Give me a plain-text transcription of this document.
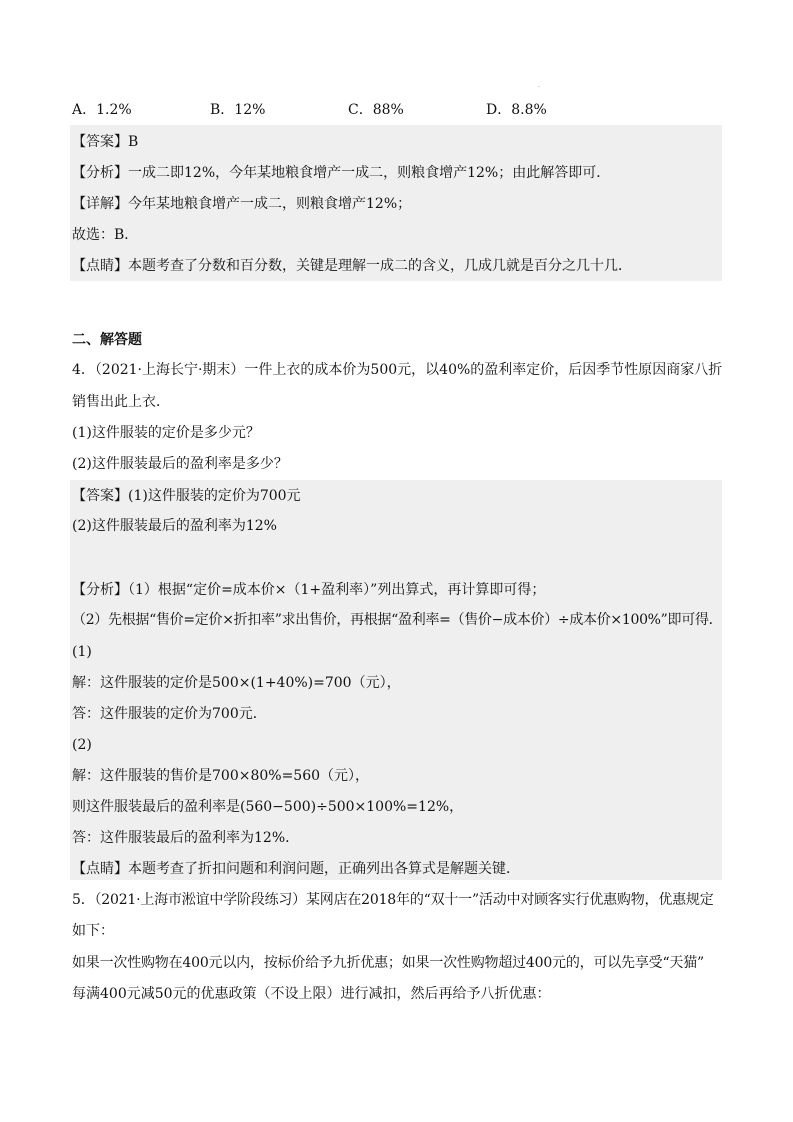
·
A．1.2%	B．12%	C．88%	D．8.8%
【答案】B
【分析】一成二即12%，今年某地粮食增产一成二，则粮食增产12%；由此解答即可．
【详解】今年某地粮食增产一成二，则粮食增产12%；
故选：B．
【点睛】本题考查了分数和百分数，关键是理解一成二的含义，几成几就是百分之几十几．
二、解答题
4．（2021·上海长宁·期末）一件上衣的成本价为500元，以40%的盈利率定价，后因季节性原因商家八折
销售出此上衣．
(1)这件服装的定价是多少元？
(2)这件服装最后的盈利率是多少？
【答案】(1)这件服装的定价为700元
(2)这件服装最后的盈利率为12%
【分析】（1）根据“定价=成本价×（1+盈利率）”列出算式，再计算即可得；
（2）先根据“售价=定价×折扣率”求出售价，再根据“盈利率=（售价−成本价）÷成本价×100%”即可得．
(1)
解：这件服装的定价是500×(1+40%)=700（元），
答：这件服装的定价为700元．
(2)
解：这件服装的售价是700×80%=560（元），
则这件服装最后的盈利率是(560−500)÷500×100%=12%，
答：这件服装最后的盈利率为12%．
【点睛】本题考查了折扣问题和利润问题，正确列出各算式是解题关键．
5．（2021·上海市淞谊中学阶段练习）某网店在2018年的“双十一”活动中对顾客实行优惠购物，优惠规定
如下：
如果一次性购物在400元以内，按标价给予九折优惠；如果一次性购物超过400元的，可以先享受“天猫”
每满400元减50元的优惠政策（不设上限）进行减扣，然后再给予八折优惠：
